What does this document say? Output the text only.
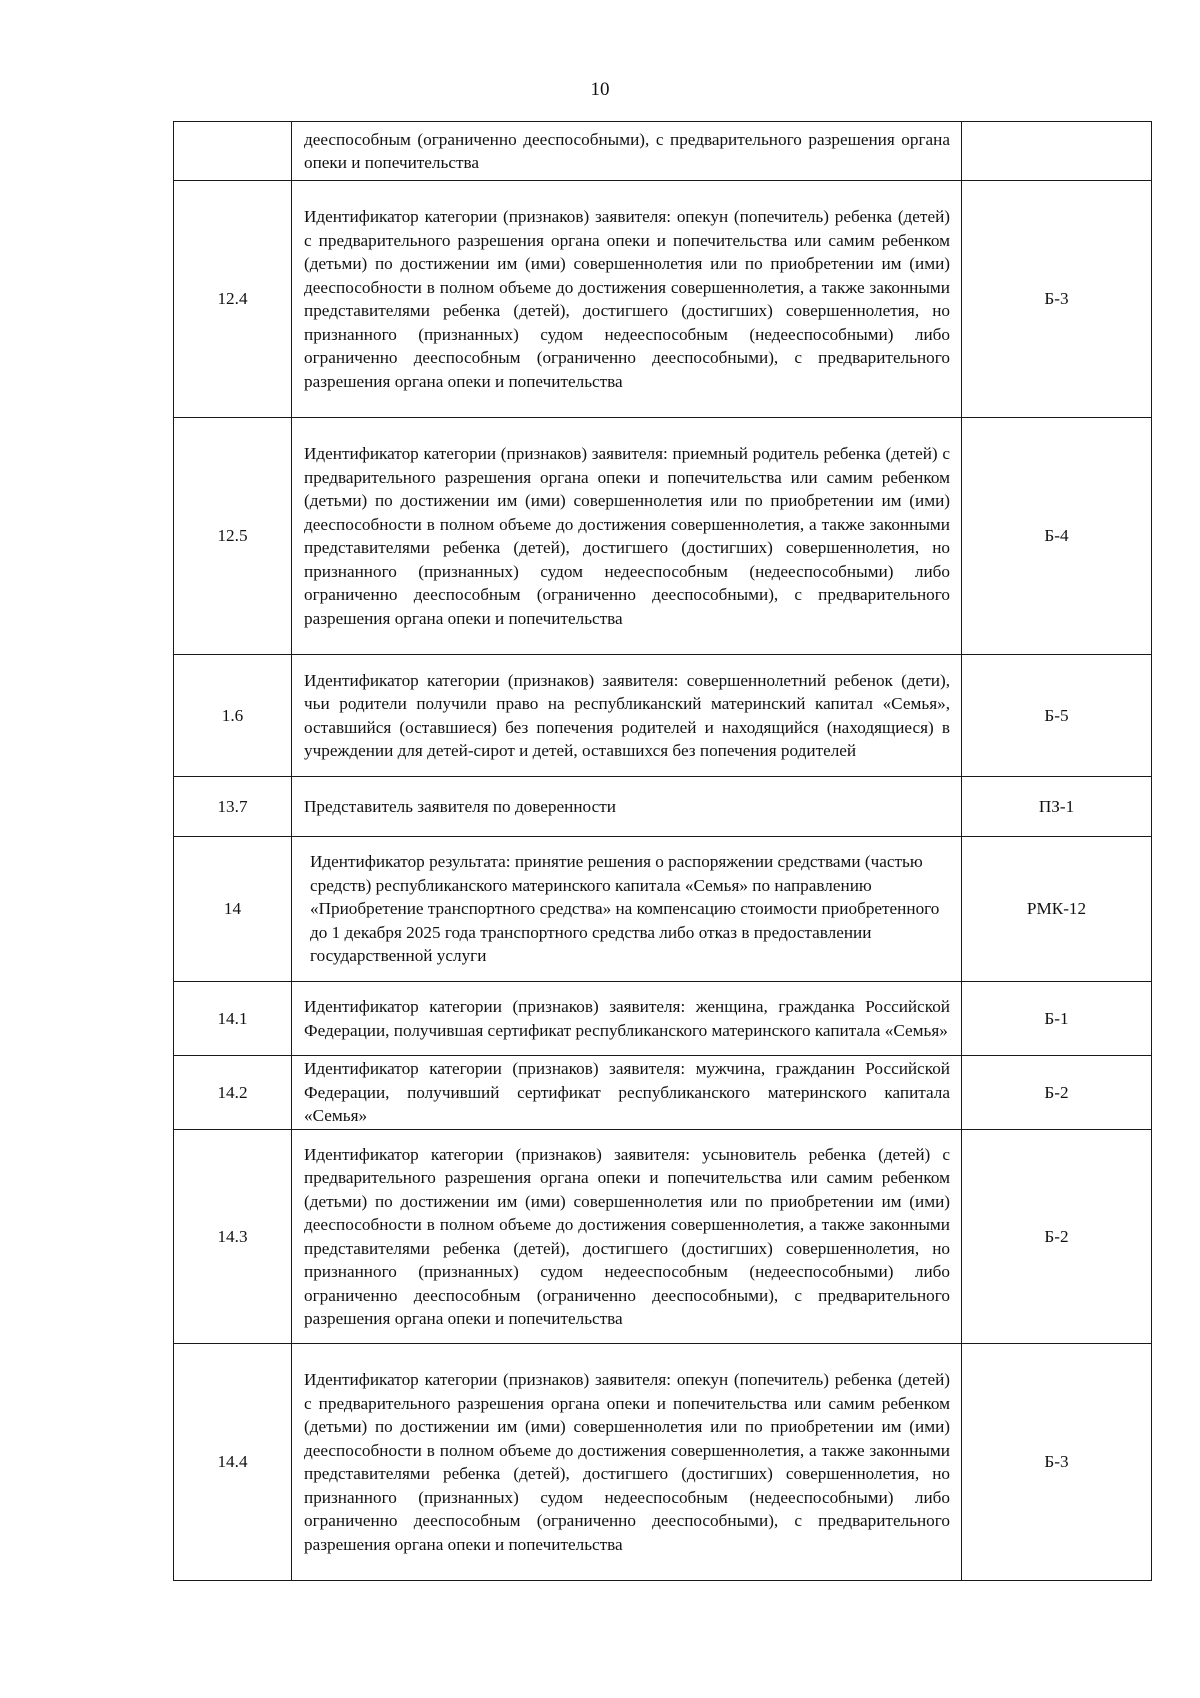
10
	дееспособным (ограниченно дееспособными), с предварительного разрешения органа опеки и попечительства	
12.4	Идентификатор категории (признаков) заявителя: опекун (попечитель) ребенка (детей) с предварительного разрешения органа опеки и попечительства или самим ребенком (детьми) по достижении им (ими) совершеннолетия или по приобретении им (ими) дееспособности в полном объеме до достижения совершеннолетия, а также законными представителями ребенка (детей), достигшего (достигших) совершеннолетия, но признанного (признанных) судом недееспособным (недееспособными) либо ограниченно дееспособным (ограниченно дееспособными), с предварительного разрешения органа опеки и попечительства	Б-3
12.5	Идентификатор категории (признаков) заявителя: приемный родитель ребенка (детей) с предварительного разрешения органа опеки и попечительства или самим ребенком (детьми) по достижении им (ими) совершеннолетия или по приобретении им (ими) дееспособности в полном объеме до достижения совершеннолетия, а также законными представителями ребенка (детей), достигшего (достигших) совершеннолетия, но признанного (признанных) судом недееспособным (недееспособными) либо ограниченно дееспособным (ограниченно дееспособными), с предварительного разрешения органа опеки и попечительства	Б-4
1.6	Идентификатор категории (признаков) заявителя: совершеннолетний ребенок (дети), чьи родители получили право на республиканский материнский капитал «Семья», оставшийся (оставшиеся) без попечения родителей и находящийся (находящиеся) в учреждении для детей-сирот и детей, оставшихся без попечения родителей	Б-5
13.7	Представитель заявителя по доверенности	ПЗ-1
14	Идентификатор результата: принятие решения о распоряжении средствами (частью средств) республиканского материнского капитала «Семья» по направлению «Приобретение транспортного средства» на компенсацию стоимости приобретенного до 1 декабря 2025 года транспортного средства либо отказ в предоставлении государственной услуги	РМК-12
14.1	Идентификатор категории (признаков) заявителя: женщина, гражданка Российской Федерации, получившая сертификат республиканского материнского капитала «Семья»	Б-1
14.2	Идентификатор категории (признаков) заявителя: мужчина, гражданин Российской Федерации, получивший сертификат республиканского материнского капитала «Семья»	Б-2
14.3	Идентификатор категории (признаков) заявителя: усыновитель ребенка (детей) с предварительного разрешения органа опеки и попечительства или самим ребенком (детьми) по достижении им (ими) совершеннолетия или по приобретении им (ими) дееспособности в полном объеме до достижения совершеннолетия, а также законными представителями ребенка (детей), достигшего (достигших) совершеннолетия, но признанного (признанных) судом недееспособным (недееспособными) либо ограниченно дееспособным (ограниченно дееспособными), с предварительного разрешения органа опеки и попечительства	Б-2
14.4	Идентификатор категории (признаков) заявителя: опекун (попечитель) ребенка (детей) с предварительного разрешения органа опеки и попечительства или самим ребенком (детьми) по достижении им (ими) совершеннолетия или по приобретении им (ими) дееспособности в полном объеме до достижения совершеннолетия, а также законными представителями ребенка (детей), достигшего (достигших) совершеннолетия, но признанного (признанных) судом недееспособным (недееспособными) либо ограниченно дееспособным (ограниченно дееспособными), с предварительного разрешения органа опеки и попечительства	Б-3
